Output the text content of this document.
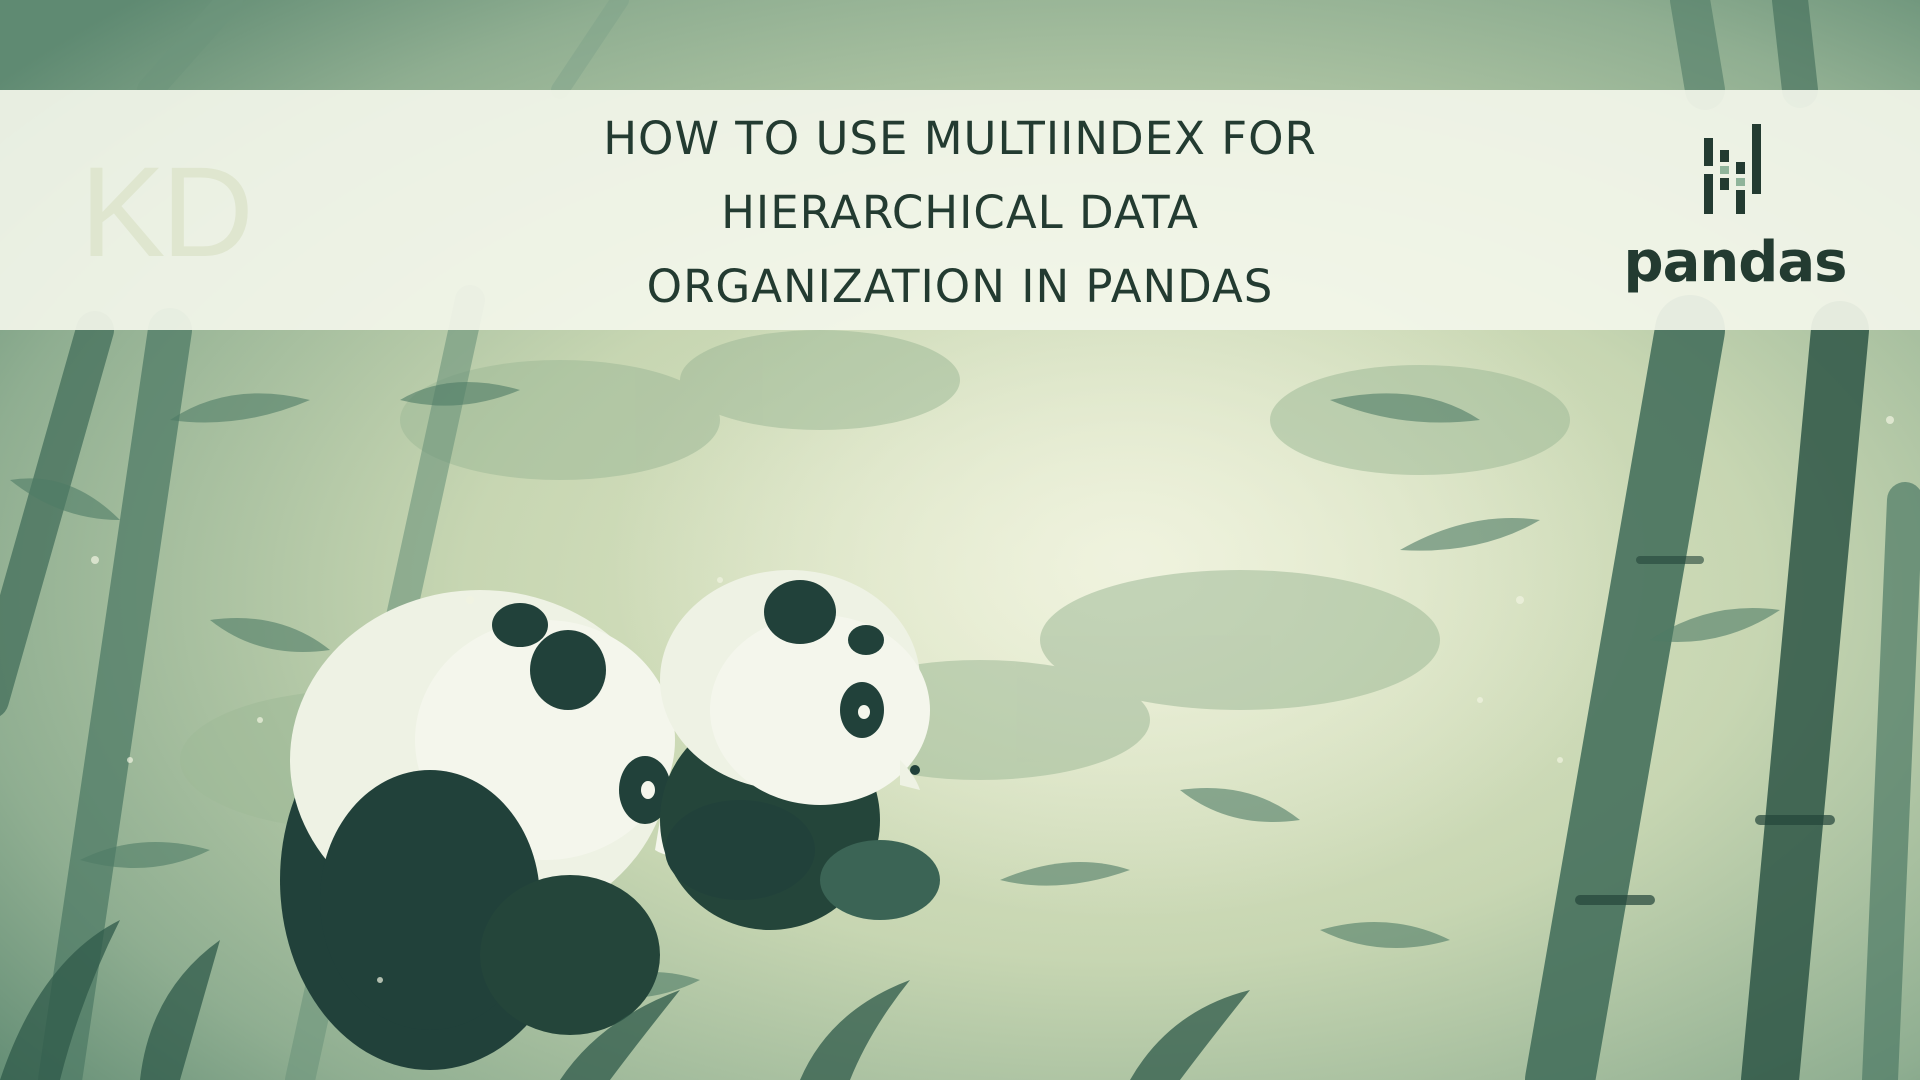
KD
HOW TO USE MULTIINDEX FOR
HIERARCHICAL DATA
ORGANIZATION IN PANDAS	pandas
